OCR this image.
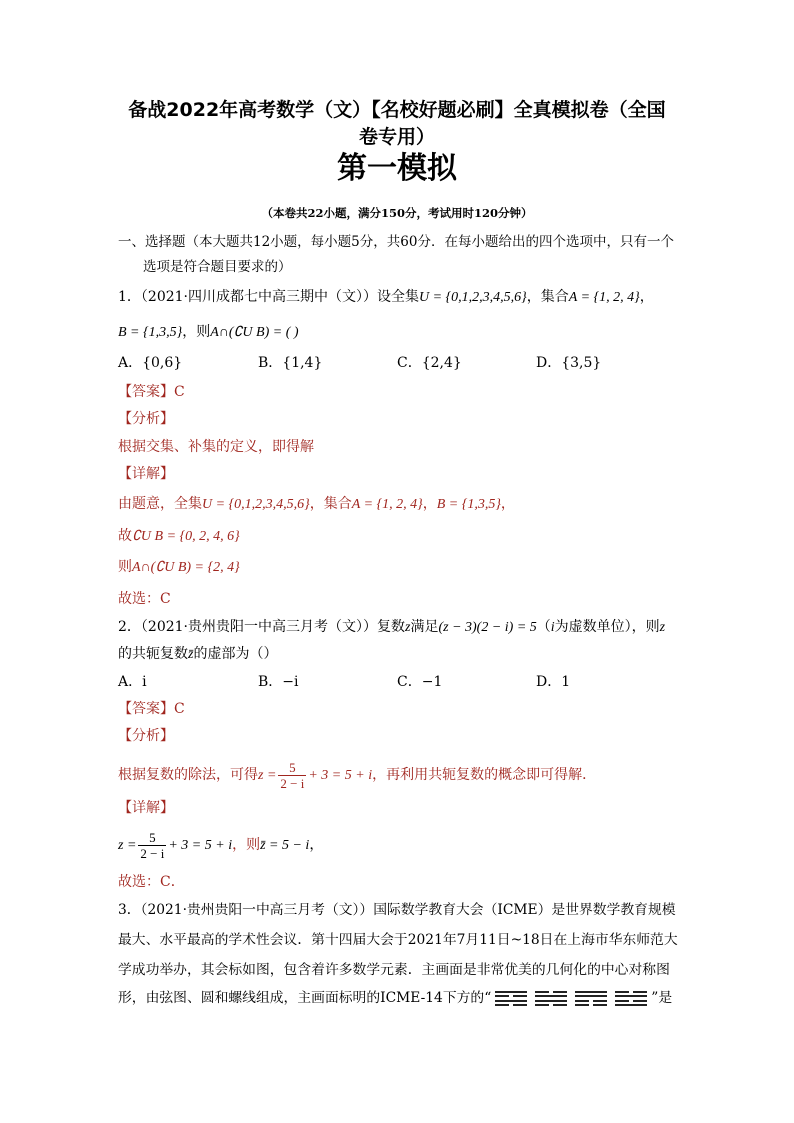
备战2022年高考数学（文）【名校好题必刷】全真模拟卷（全国
卷专用）
第一模拟
（本卷共22小题，满分150分，考试用时120分钟）
一、选择题（本大题共12小题，每小题5分，共60分．在每小题给出的四个选项中，只有一个
选项是符合题目要求的）
1．（2021·四川成都七中高三期中（文））设全集U = {0,1,2,3,4,5,6}，集合A = {1, 2, 4}，
B = {1,3,5}，则A∩(∁U B) = ( )
A．{0,6}	B．{1,4}	C．{2,4}	D．{3,5}
【答案】C
【分析】
根据交集、补集的定义，即得解
【详解】
由题意，全集U = {0,1,2,3,4,5,6}，集合A = {1, 2, 4}，B = {1,3,5}，
故∁U B = {0, 2, 4, 6}
则A∩(∁U B) = {2, 4}
故选：C
2．（2021·贵州贵阳一中高三月考（文））复数z满足(z − 3)(2 − i) = 5（i为虚数单位），则z
的共轭复数z̄的虚部为（）
A．i	B．−i	C．−1	D．1
【答案】C
【分析】
根据复数的除法，可得$z = \frac{5}{2 - i} + 3 = 5 + i$，再利用共轭复数的概念即可得解．
【详解】
$z = \frac{5}{2 - i} + 3 = 5 + i$，则z̄ = 5 − i，
故选：C．
3．（2021·贵州贵阳一中高三月考（文））国际数学教育大会（ICME）是世界数学教育规模
最大、水平最高的学术性会议．第十四届大会于2021年7月11日~18日在上海市华东师范大
学成功举办，其会标如图，包含着许多数学元素．主画面是非常优美的几何化的中心对称图
形，由弦图、圆和螺线组成，主画面标明的ICME-14下方的“	”是
